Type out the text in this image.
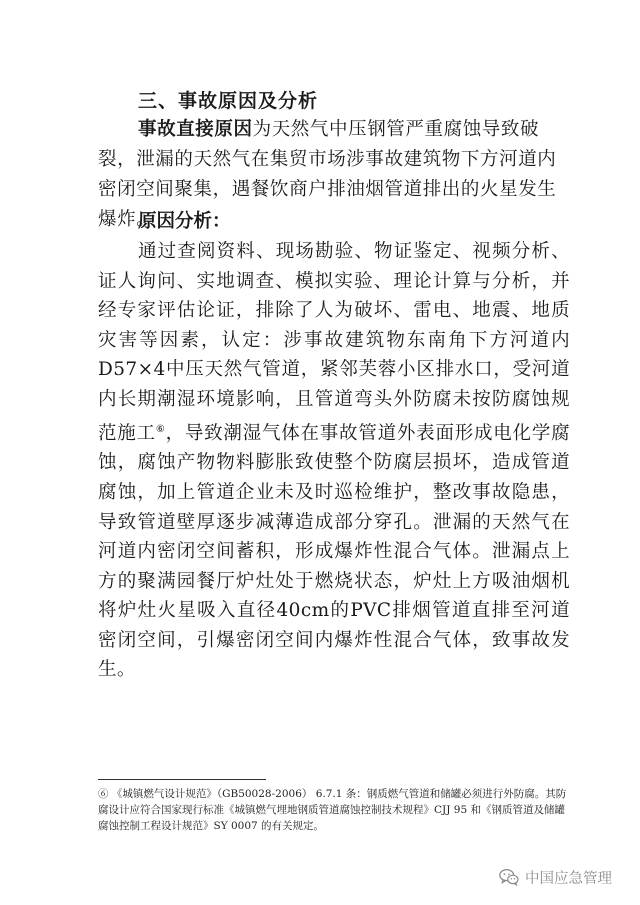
三、事故原因及分析
事故直接原因为天然气中压钢管严重腐蚀导致破裂，泄漏的天然气在集贸市场涉事故建筑物下方河道内密闭空间聚集，遇餐饮商户排油烟管道排出的火星发生爆炸。
原因分析：
通过查阅资料、现场勘验、物证鉴定、视频分析、证人询问、实地调查、模拟实验、理论计算与分析，并经专家评估论证，排除了人为破坏、雷电、地震、地质灾害等因素，认定：涉事故建筑物东南角下方河道内D57×4中压天然气管道，紧邻芙蓉小区排水口，受河道内长期潮湿环境影响，且管道弯头外防腐未按防腐蚀规范施工⑥，导致潮湿气体在事故管道外表面形成电化学腐蚀，腐蚀产物物料膨胀致使整个防腐层损坏，造成管道腐蚀，加上管道企业未及时巡检维护，整改事故隐患，导致管道壁厚逐步减薄造成部分穿孔。泄漏的天然气在河道内密闭空间蓄积，形成爆炸性混合气体。泄漏点上方的聚满园餐厅炉灶处于燃烧状态，炉灶上方吸油烟机将炉灶火星吸入直径40cm的PVC排烟管道直排至河道密闭空间，引爆密闭空间内爆炸性混合气体，致事故发生。
⑥ 《城镇燃气设计规范》（GB50028-2006） 6.7.1 条：钢质燃气管道和储罐必须进行外防腐。其防腐设计应符合国家现行标准《城镇燃气埋地钢质管道腐蚀控制技术规程》CJJ 95 和《钢质管道及储罐腐蚀控制工程设计规范》SY 0007 的有关规定。
中国应急管理
